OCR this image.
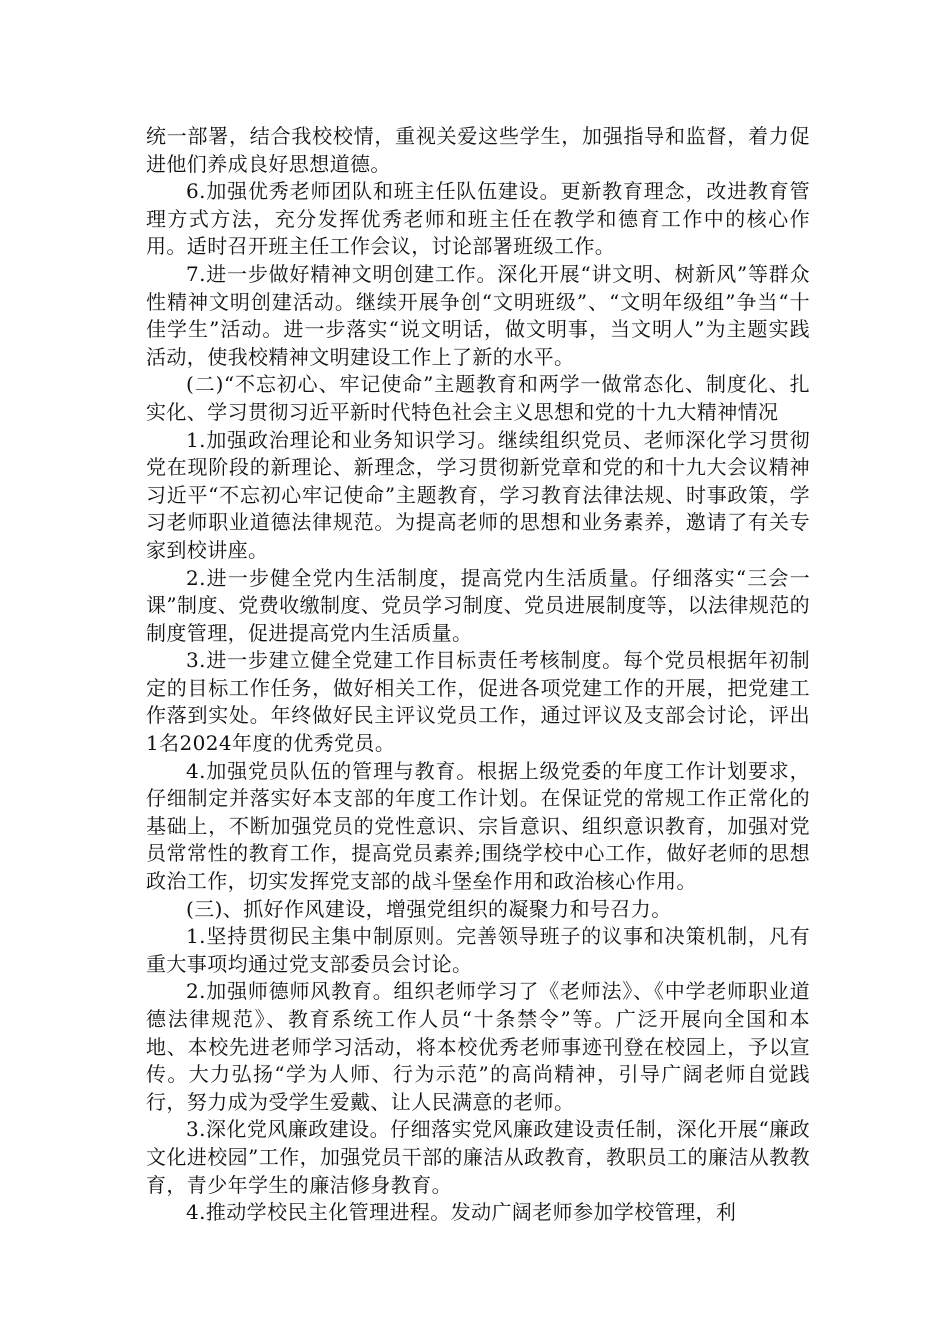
统一部署，结合我校校情，重视关爱这些学生，加强指导和监督，着力促进他们养成良好思想道德。

6.加强优秀老师团队和班主任队伍建设。更新教育理念，改进教育管理方式方法，充分发挥优秀老师和班主任在教学和德育工作中的核心作用。适时召开班主任工作会议，讨论部署班级工作。

7.进一步做好精神文明创建工作。深化开展“讲文明、树新风”等群众性精神文明创建活动。继续开展争创“文明班级”、“文明年级组”争当“十佳学生”活动。进一步落实“说文明话，做文明事，当文明人”为主题实践活动，使我校精神文明建设工作上了新的水平。

(二)“不忘初心、牢记使命”主题教育和两学一做常态化、制度化、扎实化、学习贯彻习近平新时代特色社会主义思想和党的十九大精神情况

1.加强政治理论和业务知识学习。继续组织党员、老师深化学习贯彻党在现阶段的新理论、新理念，学习贯彻新党章和党的和十九大会议精神习近平“不忘初心牢记使命”主题教育，学习教育法律法规、时事政策，学习老师职业道德法律规范。为提高老师的思想和业务素养，邀请了有关专家到校讲座。

2.进一步健全党内生活制度，提高党内生活质量。仔细落实“三会一课”制度、党费收缴制度、党员学习制度、党员进展制度等，以法律规范的制度管理，促进提高党内生活质量。

3.进一步建立健全党建工作目标责任考核制度。每个党员根据年初制定的目标工作任务，做好相关工作，促进各项党建工作的开展，把党建工作落到实处。年终做好民主评议党员工作，通过评议及支部会讨论，评出1名2024年度的优秀党员。

4.加强党员队伍的管理与教育。根据上级党委的年度工作计划要求，仔细制定并落实好本支部的年度工作计划。在保证党的常规工作正常化的基础上，不断加强党员的党性意识、宗旨意识、组织意识教育，加强对党员常常性的教育工作，提高党员素养;围绕学校中心工作，做好老师的思想政治工作，切实发挥党支部的战斗堡垒作用和政治核心作用。

(三)、抓好作风建设，增强党组织的凝聚力和号召力。

1.坚持贯彻民主集中制原则。完善领导班子的议事和决策机制，凡有重大事项均通过党支部委员会讨论。

2.加强师德师风教育。组织老师学习了《老师法》、《中学老师职业道德法律规范》、教育系统工作人员“十条禁令”等。广泛开展向全国和本地、本校先进老师学习活动，将本校优秀老师事迹刊登在校园上，予以宣传。大力弘扬“学为人师、行为示范”的高尚精神，引导广阔老师自觉践行，努力成为受学生爱戴、让人民满意的老师。

3.深化党风廉政建设。仔细落实党风廉政建设责任制，深化开展“廉政文化进校园”工作，加强党员干部的廉洁从政教育，教职员工的廉洁从教教育，青少年学生的廉洁修身教育。

4.推动学校民主化管理进程。发动广阔老师参加学校管理，利
